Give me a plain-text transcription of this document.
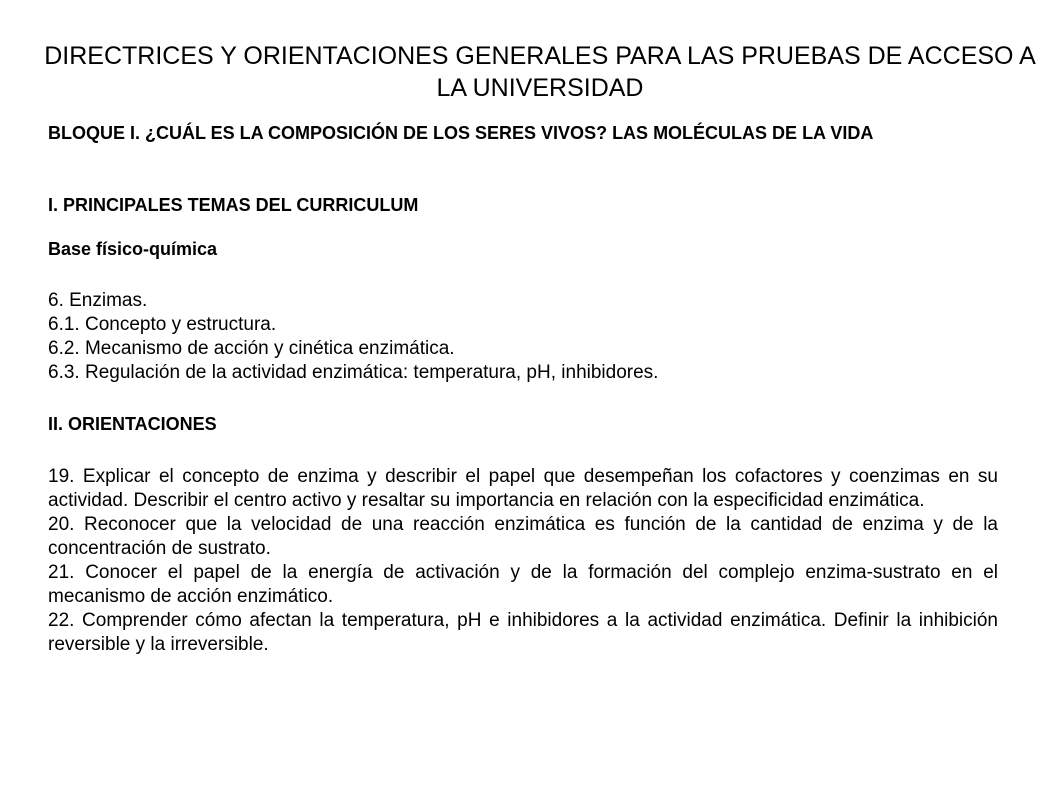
DIRECTRICES Y ORIENTACIONES GENERALES PARA LAS PRUEBAS DE ACCESO A LA UNIVERSIDAD
BLOQUE I. ¿CUÁL ES LA COMPOSICIÓN DE LOS SERES VIVOS? LAS MOLÉCULAS DE LA VIDA
I. PRINCIPALES TEMAS DEL CURRICULUM
Base físico-química
6. Enzimas.
6.1. Concepto y estructura.
6.2. Mecanismo de acción y cinética enzimática.
6.3. Regulación de la actividad enzimática: temperatura, pH, inhibidores.
II. ORIENTACIONES

19. Explicar el concepto de enzima y describir el papel que desempeñan los cofactores y coenzimas en su actividad. Describir el centro activo y resaltar su importancia en relación con la especificidad enzimática.

20. Reconocer que la velocidad de una reacción enzimática es función de la cantidad de enzima y de la concentración de sustrato.

21. Conocer el papel de la energía de activación y de la formación del complejo enzima-sustrato en el mecanismo de acción enzimático.

22. Comprender cómo afectan la temperatura, pH e inhibidores a la actividad enzimática. Definir la inhibición reversible y la irreversible.
